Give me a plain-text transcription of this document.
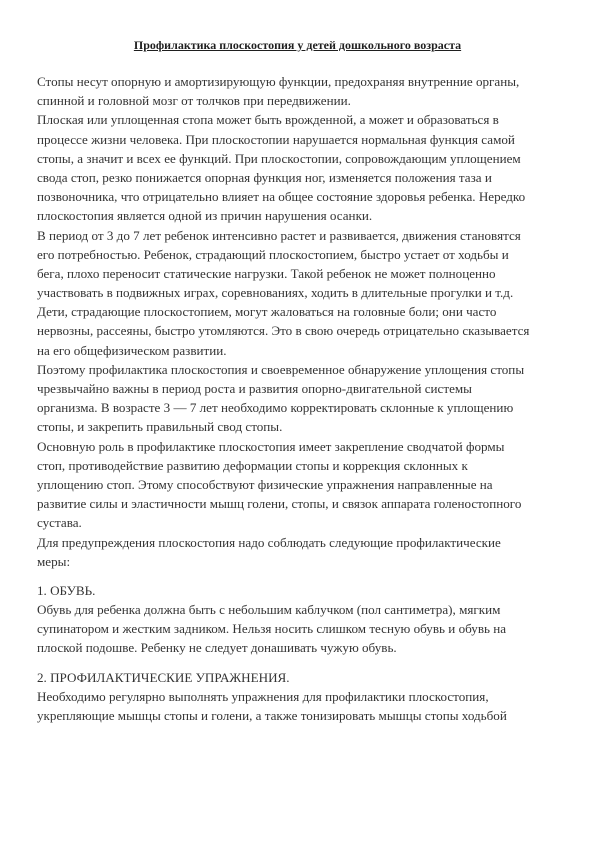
Профилактика плоскостопия у детей дошкольного возраста
Стопы несут опорную и амортизирующую функции, предохраняя внутренние органы,
спинной и головной мозг от толчков при передвижении.
Плоская или уплощенная стопа может быть врожденной, а может и образоваться в
процессе жизни человека. При плоскостопии нарушается нормальная функция самой
стопы, а значит и всех ее функций. При плоскостопии, сопровождающим уплощением
свода стоп, резко понижается опорная функция ног, изменяется положения таза и
позвоночника, что отрицательно влияет на общее состояние здоровья ребенка. Нередко
плоскостопия является одной из причин нарушения осанки.
В период от 3 до 7 лет ребенок интенсивно растет и развивается, движения становятся
его потребностью. Ребенок, страдающий плоскостопием, быстро устает от ходьбы и
бега, плохо переносит статические нагрузки. Такой ребенок не может полноценно
участвовать в подвижных играх, соревнованиях, ходить в длительные прогулки и т.д.
Дети, страдающие плоскостопием, могут жаловаться на головные боли; они часто
нервозны, рассеяны, быстро утомляются. Это в свою очередь отрицательно сказывается
на его общефизическом развитии.
Поэтому профилактика плоскостопия и своевременное обнаружение уплощения стопы
чрезвычайно важны в период роста и развития опорно-двигательной системы
организма. В возрасте 3 — 7 лет необходимо корректировать склонные к уплощению
стопы, и закрепить правильный свод стопы.
Основную роль в профилактике плоскостопия имеет закрепление сводчатой формы
стоп, противодействие развитию деформации стопы и коррекция склонных к
уплощению стоп. Этому способствуют физические упражнения направленные на
развитие силы и эластичности мышц голени, стопы, и связок аппарата голеностопного
сустава.
Для предупреждения плоскостопия надо соблюдать следующие профилактические
меры:
1. ОБУВЬ.
Обувь для ребенка должна быть с небольшим каблучком (пол сантиметра), мягким
супинатором и жестким задником. Нельзя носить слишком тесную обувь и обувь на
плоской подошве. Ребенку не следует донашивать чужую обувь.
2. ПРОФИЛАКТИЧЕСКИЕ УПРАЖНЕНИЯ.
Необходимо регулярно выполнять упражнения для профилактики плоскостопия,
укрепляющие мышцы стопы и голени, а также тонизировать мышцы стопы ходьбой
